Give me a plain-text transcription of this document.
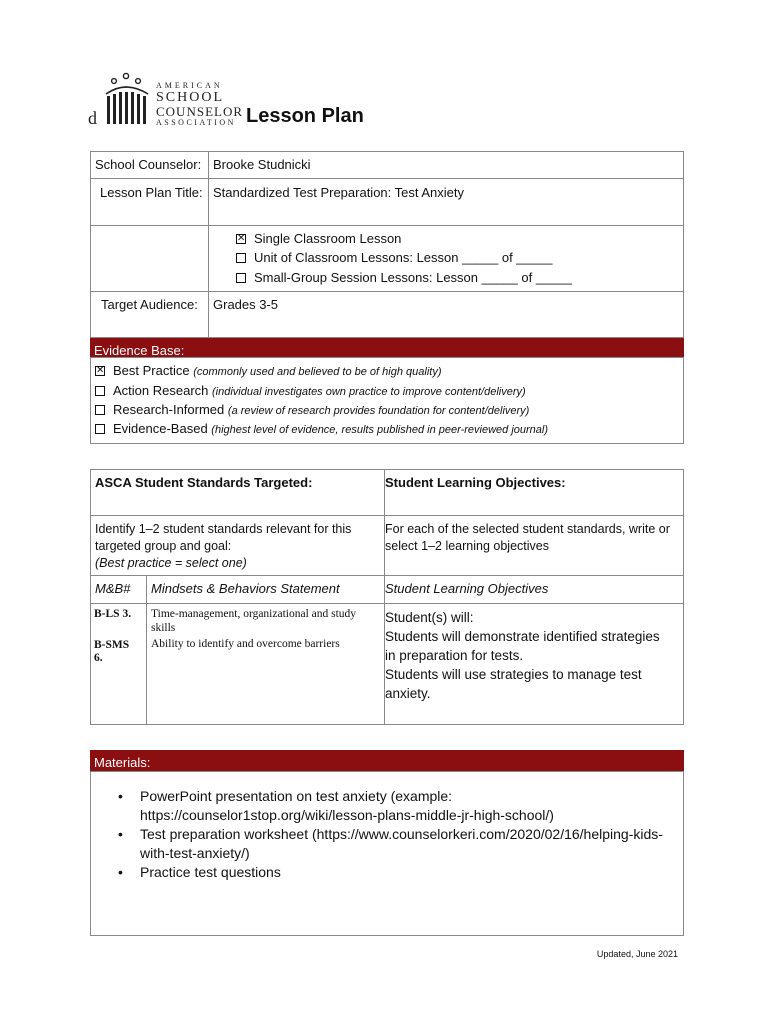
d
AMERICAN
SCHOOL
COUNSELOR
ASSOCIATION Lesson Plan
School Counselor: Brooke Studnicki
Lesson Plan Title: Standardized Test Preparation: Test Anxiety
✕Single Classroom Lesson
Unit of Classroom Lessons: Lesson _____ of _____
Small-Group Session Lessons: Lesson _____ of _____
Target Audience: Grades 3-5
Evidence Base:
✕Best Practice (commonly used and believed to be of high quality)
Action Research (individual investigates own practice to improve content/delivery)
Research-Informed (a review of research provides foundation for content/delivery)
Evidence-Based (highest level of evidence, results published in peer-reviewed journal)
ASCA Student Standards Targeted:	Student Learning Objectives:
Identify 1–2 student standards relevant for this
targeted group and goal:
(Best practice = select one)
For each of the selected student standards, write or
select 1–2 learning objectives
M&B# Mindsets & Behaviors Statement	Student Learning Objectives
B-LS 3.
B-SMS
6.
Time-management, organizational and study
skills
Ability to identify and overcome barriers
Student(s) will:
Students will demonstrate identified strategies
in preparation for tests.
Students will use strategies to manage test
anxiety.
Materials:
• PowerPoint presentation on test anxiety (example: https://counselor1stop.org/wiki/lesson-plans-middle-jr-high-school/)
• Test preparation worksheet (https://www.counselorkeri.com/2020/02/16/helping-kids-with-test-anxiety/)
• Practice test questions
Updated, June 2021
